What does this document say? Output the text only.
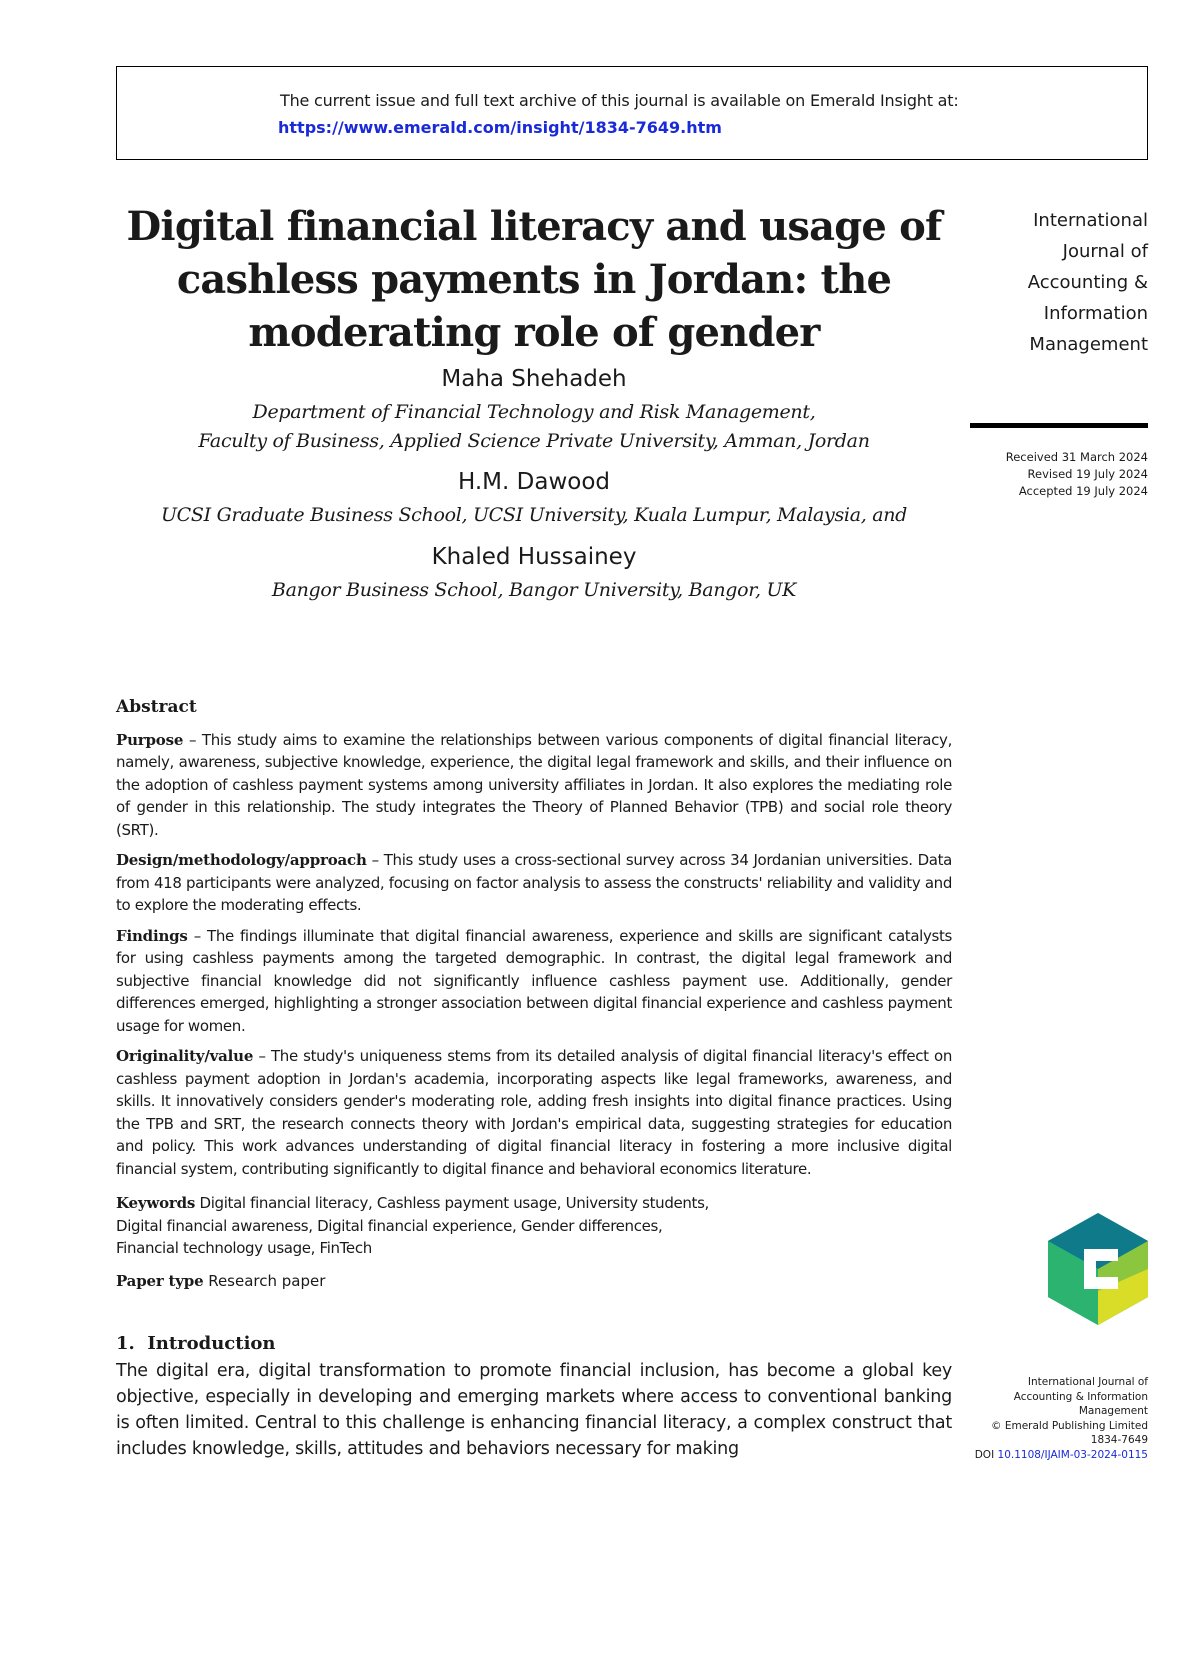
The current issue and full text archive of this journal is available on Emerald Insight at:
https://www.emerald.com/insight/1834-7649.htm
Digital financial literacy and usage of
cashless payments in Jordan: the
moderating role of gender
Maha Shehadeh
Department of Financial Technology and Risk Management,
Faculty of Business, Applied Science Private University, Amman, Jordan
H.M. Dawood
UCSI Graduate Business School, UCSI University, Kuala Lumpur, Malaysia, and
Khaled Hussainey
Bangor Business School, Bangor University, Bangor, UK
International
Journal of
Accounting &
Information
Management
Received 31 March 2024
Revised 19 July 2024
Accepted 19 July 2024
Abstract

Purpose – This study aims to examine the relationships between various components of digital financial literacy, namely, awareness, subjective knowledge, experience, the digital legal framework and skills, and their influence on the adoption of cashless payment systems among university affiliates in Jordan. It also explores the mediating role of gender in this relationship. The study integrates the Theory of Planned Behavior (TPB) and social role theory (SRT).

Design/methodology/approach – This study uses a cross-sectional survey across 34 Jordanian universities. Data from 418 participants were analyzed, focusing on factor analysis to assess the constructs' reliability and validity and to explore the moderating effects.

Findings – The findings illuminate that digital financial awareness, experience and skills are significant catalysts for using cashless payments among the targeted demographic. In contrast, the digital legal framework and subjective financial knowledge did not significantly influence cashless payment use. Additionally, gender differences emerged, highlighting a stronger association between digital financial experience and cashless payment usage for women.

Originality/value – The study's uniqueness stems from its detailed analysis of digital financial literacy's effect on cashless payment adoption in Jordan's academia, incorporating aspects like legal frameworks, awareness, and skills. It innovatively considers gender's moderating role, adding fresh insights into digital finance practices. Using the TPB and SRT, the research connects theory with Jordan's empirical data, suggesting strategies for education and policy. This work advances understanding of digital financial literacy in fostering a more inclusive digital financial system, contributing significantly to digital finance and behavioral economics literature.

Keywords Digital financial literacy, Cashless payment usage, University students,
Digital financial awareness, Digital financial experience, Gender differences,
Financial technology usage, FinTech
Paper type Research paper
1.  Introduction
The digital era, digital transformation to promote financial inclusion, has become a global key objective, especially in developing and emerging markets where access to conventional banking is often limited. Central to this challenge is enhancing financial literacy, a complex construct that includes knowledge, skills, attitudes and behaviors necessary for making
International Journal of
Accounting & Information
Management
© Emerald Publishing Limited
1834-7649
DOI 10.1108/IJAIM-03-2024-0115
